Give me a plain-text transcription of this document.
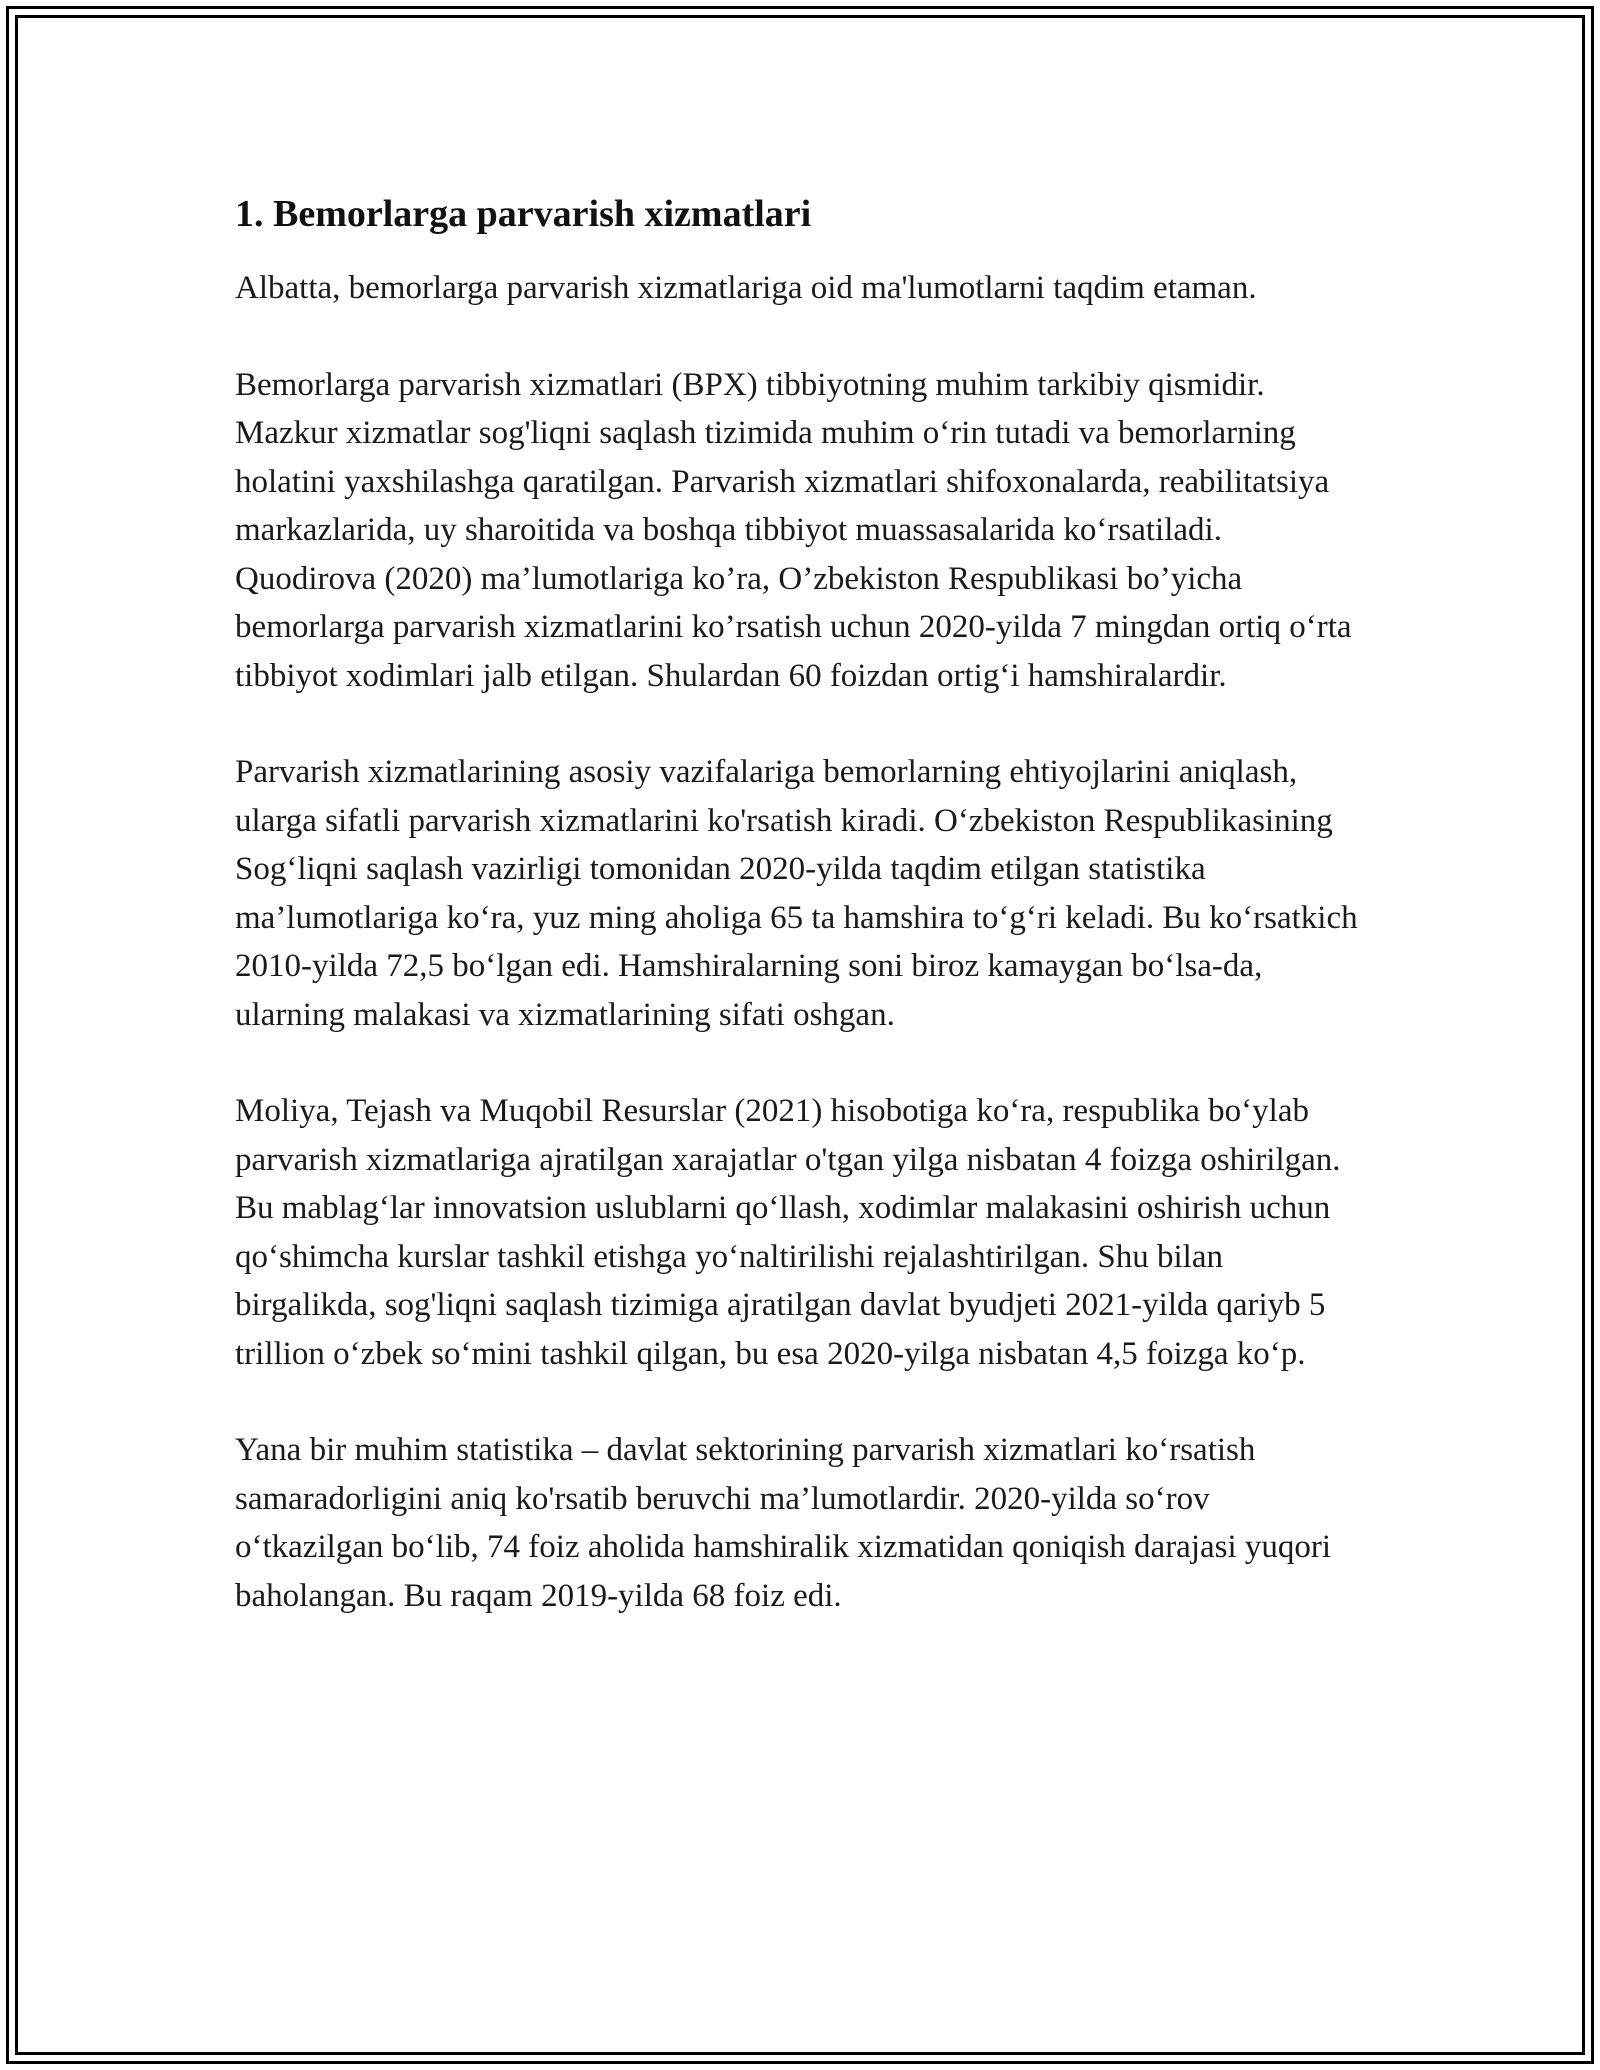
1. Bemorlarga parvarish xizmatlari

Albatta, bemorlarga parvarish xizmatlariga oid ma'lumotlarni taqdim etaman.

Bemorlarga parvarish xizmatlari (BPX) tibbiyotning muhim tarkibiy qismidir. Mazkur xizmatlar sog'liqni saqlash tizimida muhim o‘rin tutadi va bemorlarning holatini yaxshilashga qaratilgan. Parvarish xizmatlari shifoxonalarda, reabilitatsiya markazlarida, uy sharoitida va boshqa tibbiyot muassasalarida ko‘rsatiladi. Quodirova (2020) ma’lumotlariga ko’ra, O’zbekiston Respublikasi bo’yicha bemorlarga parvarish xizmatlarini ko’rsatish uchun 2020-yilda 7 mingdan ortiq o‘rta tibbiyot xodimlari jalb etilgan. Shulardan 60 foizdan ortig‘i hamshiralardir.

Parvarish xizmatlarining asosiy vazifalariga bemorlarning ehtiyojlarini aniqlash, ularga sifatli parvarish xizmatlarini ko'rsatish kiradi. O‘zbekiston Respublikasining Sog‘liqni saqlash vazirligi tomonidan 2020-yilda taqdim etilgan statistika ma’lumotlariga ko‘ra, yuz ming aholiga 65 ta hamshira to‘g‘ri keladi. Bu ko‘rsatkich 2010-yilda 72,5 bo‘lgan edi. Hamshiralarning soni biroz kamaygan bo‘lsa-da, ularning malakasi va xizmatlarining sifati oshgan.

Moliya, Tejash va Muqobil Resurslar (2021) hisobotiga ko‘ra, respublika bo‘ylab parvarish xizmatlariga ajratilgan xarajatlar o'tgan yilga nisbatan 4 foizga oshirilgan. Bu mablag‘lar innovatsion uslublarni qo‘llash, xodimlar malakasini oshirish uchun qo‘shimcha kurslar tashkil etishga yo‘naltirilishi rejalashtirilgan. Shu bilan birgalikda, sog'liqni saqlash tizimiga ajratilgan davlat byudjeti 2021-yilda qariyb 5 trillion o‘zbek so‘mini tashkil qilgan, bu esa 2020-yilga nisbatan 4,5 foizga ko‘p.

Yana bir muhim statistika – davlat sektorining parvarish xizmatlari ko‘rsatish samaradorligini aniq ko'rsatib beruvchi ma’lumotlardir. 2020-yilda so‘rov o‘tkazilgan bo‘lib, 74 foiz aholida hamshiralik xizmatidan qoniqish darajasi yuqori baholangan. Bu raqam 2019-yilda 68 foiz edi.
